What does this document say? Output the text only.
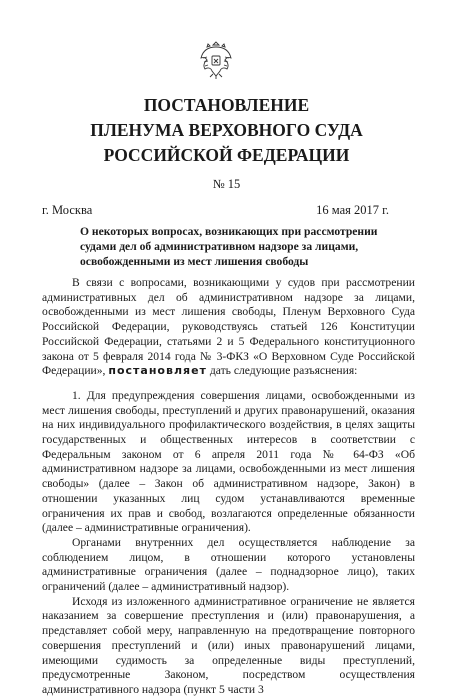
ПОСТАНОВЛЕНИЕ
ПЛЕНУМА ВЕРХОВНОГО СУДА
РОССИЙСКОЙ ФЕДЕРАЦИИ
№ 15
г. Москва	16 мая 2017 г.
О некоторых вопросах, возникающих при рассмотрении
судами дел об административном надзоре за лицами,
освобожденными из мест лишения свободы

В связи с вопросами, возникающими у судов при рассмотрении административных дел об административном надзоре за лицами, освобожденными из мест лишения свободы, Пленум Верховного Суда Российской Федерации, руководствуясь статьей 126 Конституции Российской Федерации, статьями 2 и 5 Федерального конституционного закона от 5 февраля 2014 года № 3-ФКЗ «О Верховном Суде Российской Федерации», постановляет дать следующие разъяснения:

1. Для предупреждения совершения лицами, освобожденными из мест лишения свободы, преступлений и других правонарушений, оказания на них индивидуального профилактического воздействия, в целях защиты государственных и общественных интересов в соответствии с Федеральным законом от 6 апреля 2011 года № 64-ФЗ «Об административном надзоре за лицами, освобожденными из мест лишения свободы» (далее – Закон об административном надзоре, Закон) в отношении указанных лиц судом устанавливаются временные ограничения их прав и свобод, возлагаются определенные обязанности (далее – административные ограничения).

Органами внутренних дел осуществляется наблюдение за соблюдением лицом, в отношении которого установлены административные ограничения (далее – поднадзорное лицо), таких ограничений (далее – административный надзор).

Исходя из изложенного административное ограничение не является наказанием за совершение преступления и (или) правонарушения, а представляет собой меру, направленную на предотвращение повторного совершения преступлений и (или) иных правонарушений лицами, имеющими судимость за определенные виды преступлений, предусмотренные Законом, посредством осуществления административного надзора (пункт 5 части 3
